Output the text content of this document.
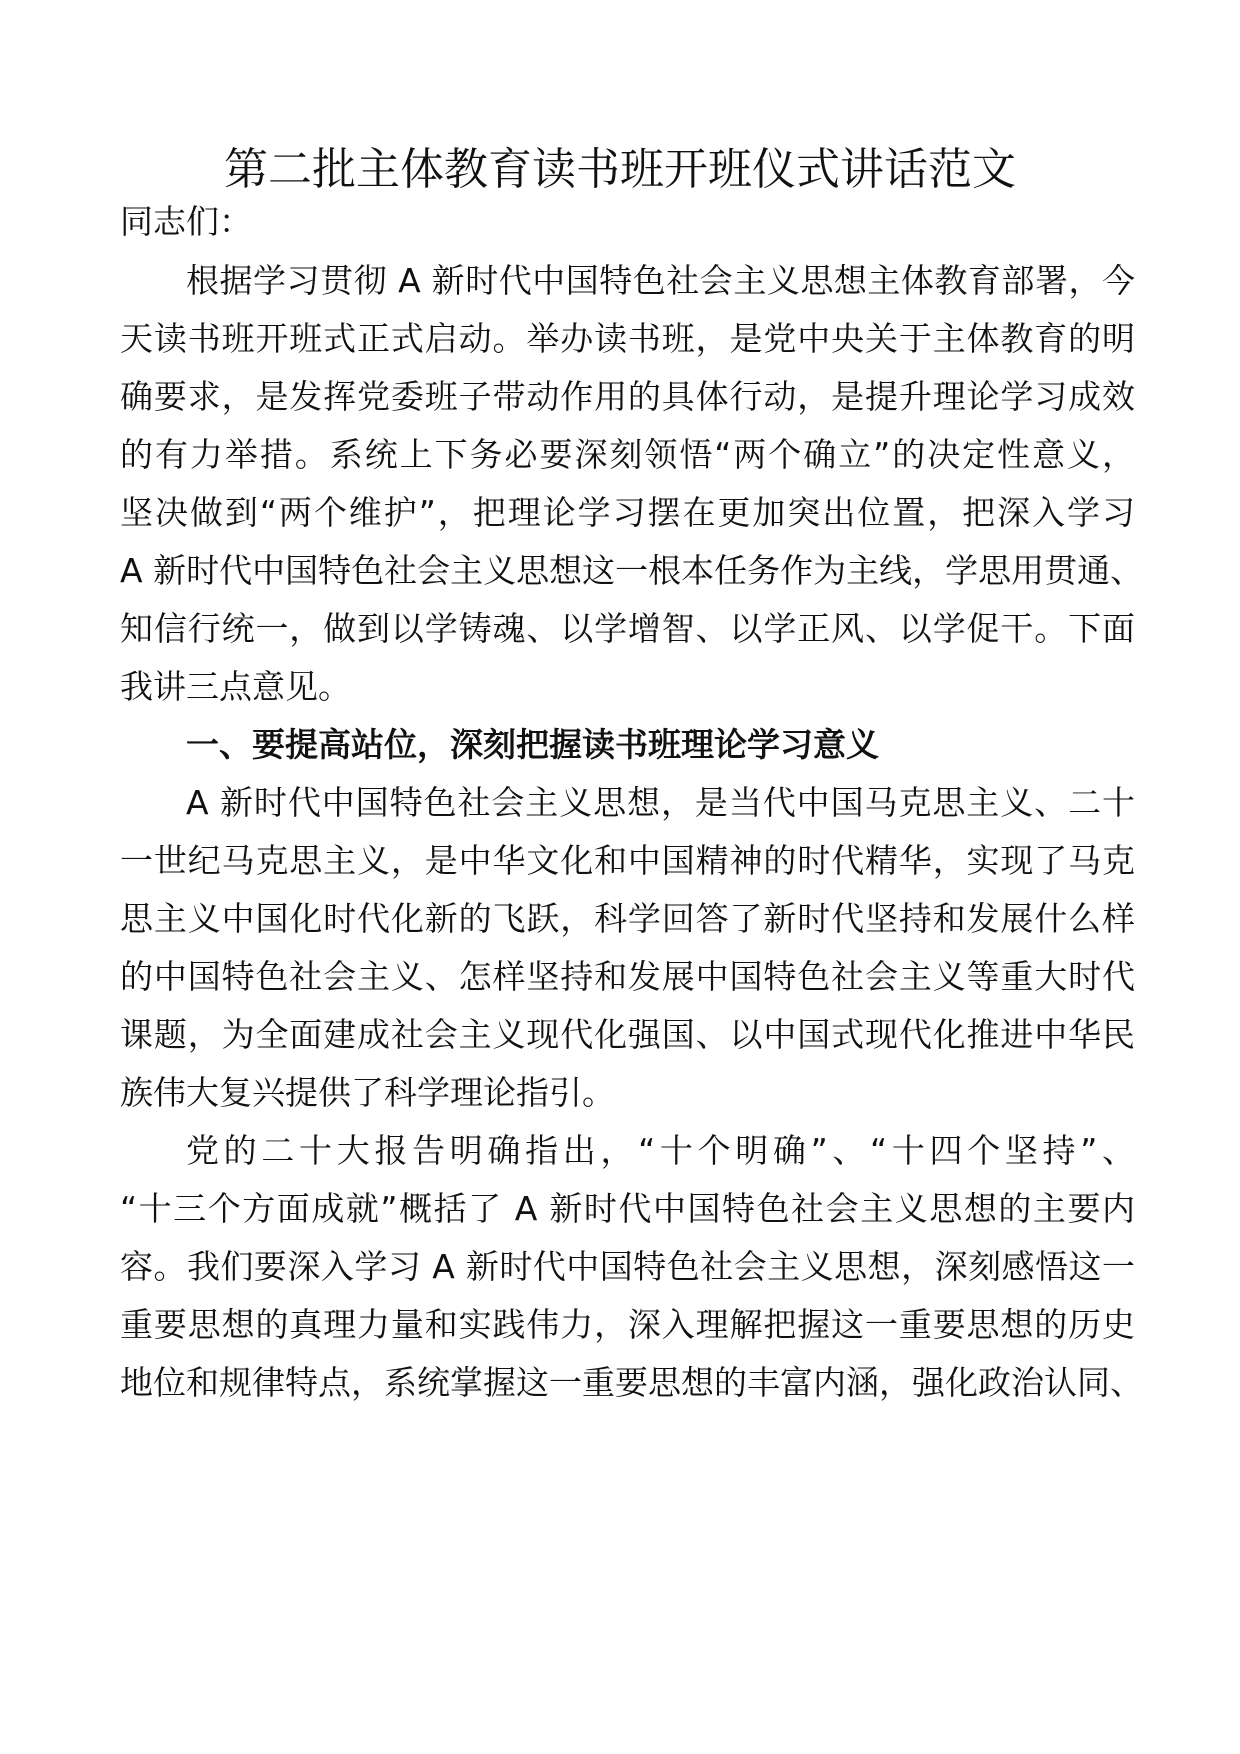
第二批主体教育读书班开班仪式讲话范文
同志们：
根据学习贯彻 A 新时代中国特色社会主义思想主体教育部署，今
天读书班开班式正式启动。举办读书班，是党中央关于主体教育的明
确要求，是发挥党委班子带动作用的具体行动，是提升理论学习成效
的有力举措。系统上下务必要深刻领悟“两个确立”的决定性意义，
坚决做到“两个维护”，把理论学习摆在更加突出位置，把深入学习
A 新时代中国特色社会主义思想这一根本任务作为主线，学思用贯通、
知信行统一，做到以学铸魂、以学增智、以学正风、以学促干。下面
我讲三点意见。
一、要提高站位，深刻把握读书班理论学习意义
A 新时代中国特色社会主义思想，是当代中国马克思主义、二十
一世纪马克思主义，是中华文化和中国精神的时代精华，实现了马克
思主义中国化时代化新的飞跃，科学回答了新时代坚持和发展什么样
的中国特色社会主义、怎样坚持和发展中国特色社会主义等重大时代
课题，为全面建成社会主义现代化强国、以中国式现代化推进中华民
族伟大复兴提供了科学理论指引。
党的二十大报告明确指出，“十个明确”、“十四个坚持”、
“十三个方面成就”概括了 A 新时代中国特色社会主义思想的主要内
容。我们要深入学习 A 新时代中国特色社会主义思想，深刻感悟这一
重要思想的真理力量和实践伟力，深入理解把握这一重要思想的历史
地位和规律特点，系统掌握这一重要思想的丰富内涵，强化政治认同、
